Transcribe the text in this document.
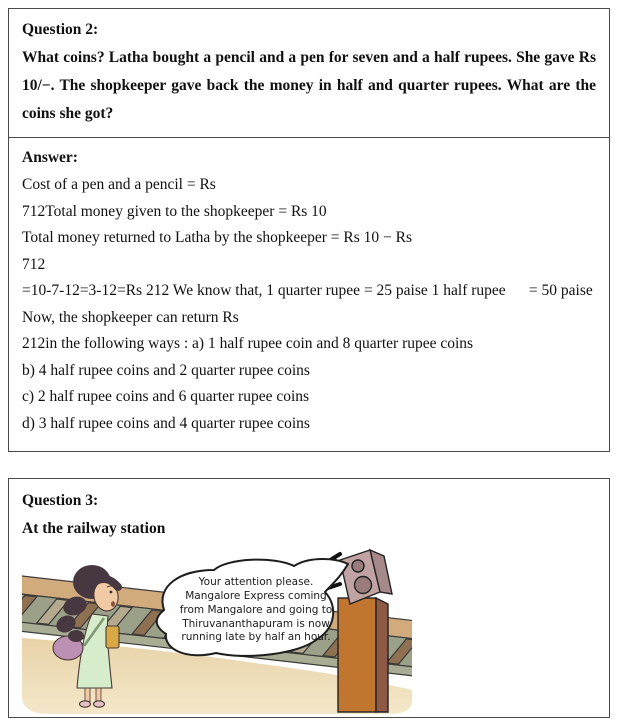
Question 2:

What coins? Latha bought a pencil and a pen for seven and a half rupees. She gave Rs 10/−. The shopkeeper gave back the money in half and quarter rupees. What are the coins she got?

Answer:

Cost of a pen and a pencil = Rs

712Total money given to the shopkeeper = Rs 10

Total money returned to Latha by the shopkeeper = Rs 10 − Rs

712

=10-7-12=3-12=Rs 212 We know that, 1 quarter rupee = 25 paise 1 half rupee      = 50 paise

Now, the shopkeeper can return Rs

212in the following ways : a) 1 half rupee coin and 8 quarter rupee coins

b) 4 half rupee coins and 2 quarter rupee coins

c) 2 half rupee coins and 6 quarter rupee coins

d) 3 half rupee coins and 4 quarter rupee coins

Question 3:

At the railway station

Your attention please.
Mangalore Express coming
from Mangalore and going to
Thiruvananthapuram is now
running late by half an hour.
